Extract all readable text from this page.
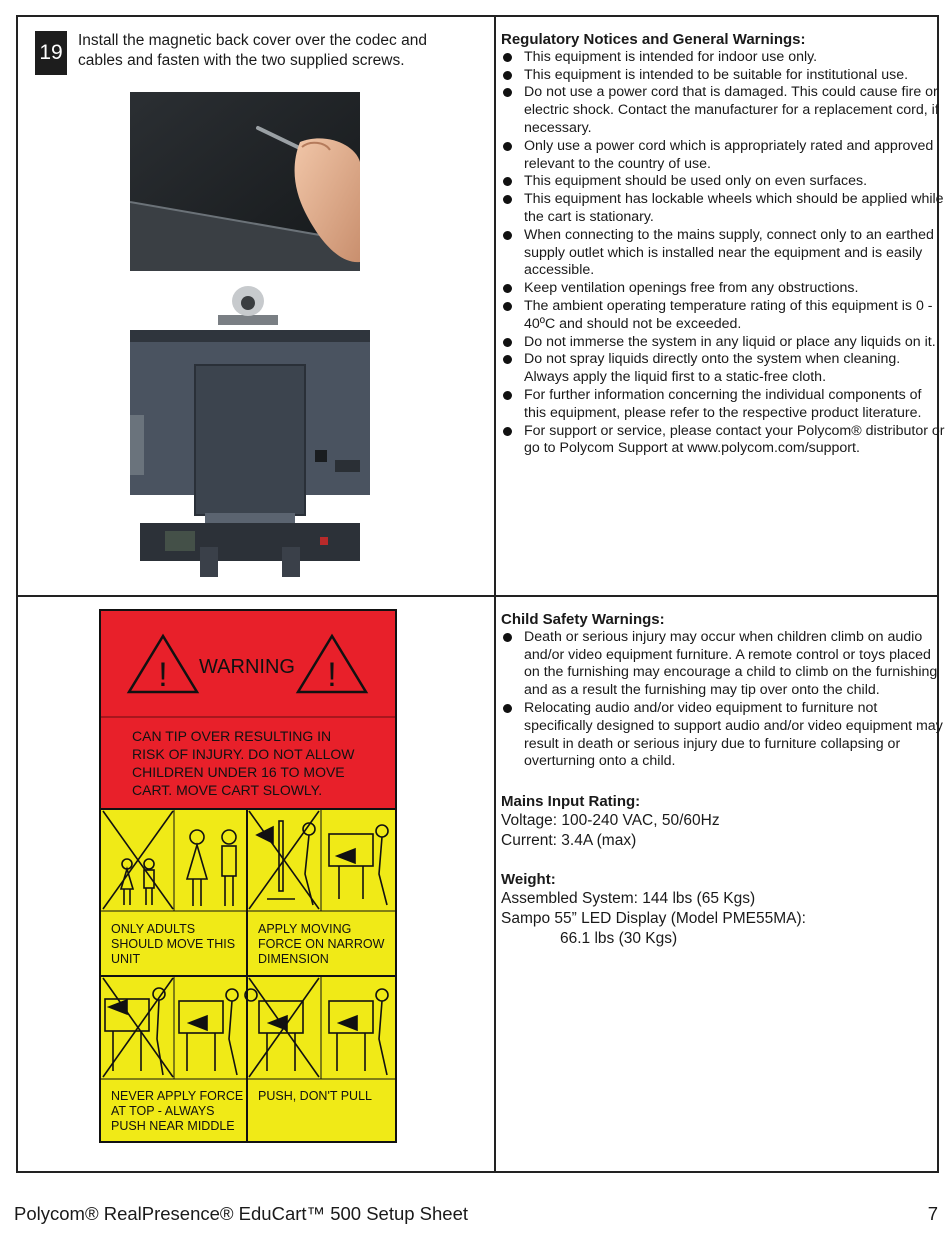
19
Install the magnetic back cover over the codec and cables and fasten with the two supplied screws.
Regulatory Notices and General Warnings:
This equipment is intended for indoor use only.
This equipment is intended to be suitable for institutional use.
Do not use a power cord that is damaged. This could cause fire or electric shock. Contact the manufacturer for a replacement cord, if necessary.
Only use a power cord which is appropriately rated and approved relevant to the country of use.
This equipment should be used only on even surfaces.
This equipment has lockable wheels which should be applied while the cart is stationary.
When connecting to the mains supply, connect only to an earthed supply outlet which is installed near the equipment and is easily accessible.
Keep ventilation openings free from any obstructions.
The ambient operating temperature rating of this equipment is 0 - 40ºC and should not be exceeded.
Do not immerse the system in any liquid or place any liquids on it.
Do not spray liquids directly onto the system when cleaning. Always apply the liquid first to a static-free cloth.
For further information concerning the individual components of this equipment, please refer to the respective product literature.
For support or service, please contact your Polycom® distributor or go to Polycom Support at www.polycom.com/support.
Child Safety Warnings:
Death or serious injury may occur when children climb on audio and/or video equipment furniture. A remote control or toys placed on the furnishing may encourage a child to climb on the furnishing and as a result the furnishing may tip over onto the child.
Relocating audio and/or video equipment to furniture not specifically designed to support audio and/or video equipment may result in death or serious injury due to furniture collapsing or overturning onto a child.
Mains Input Rating:
Voltage: 100-240 VAC, 50/60Hz
Current: 3.4A (max)
Weight:
Assembled System: 144 lbs (65 Kgs)
Sampo 55” LED Display (Model PME55MA):
66.1 lbs (30 Kgs)
!	!
WARNING
CAN TIP OVER RESULTING IN
RISK OF INJURY. DO NOT ALLOW
CHILDREN UNDER 16 TO MOVE
CART. MOVE CART SLOWLY.
ONLY ADULTS
SHOULD MOVE THIS
UNIT
APPLY MOVING
FORCE ON NARROW
DIMENSION
NEVER APPLY FORCE
AT TOP - ALWAYS
PUSH NEAR MIDDLE
PUSH, DON'T PULL
Polycom® RealPresence® EduCart™ 500 Setup Sheet	7
